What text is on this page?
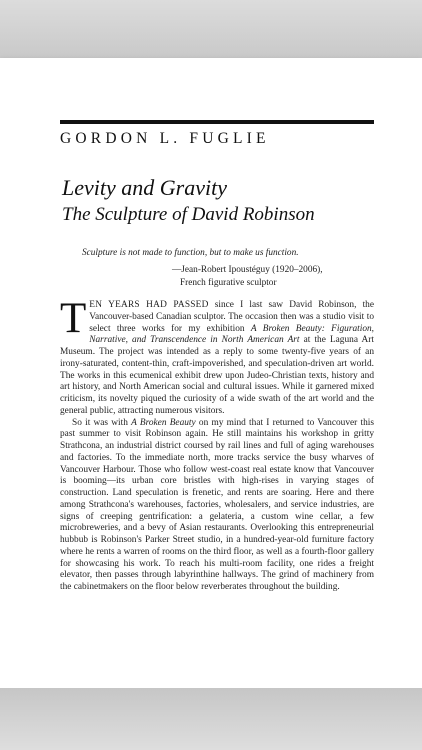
GORDON L. FUGLIE
Levity and Gravity
The Sculpture of David Robinson
Sculpture is not made to function, but to make us function.
—Jean-Robert Ipoustéguy (1920–2006),
French figurative sculptor

TEN YEARS HAD PASSED since I last saw David Robinson, the Vancouver-based Canadian sculptor. The occasion then was a studio visit to select three works for my exhibition A Broken Beauty: Figuration, Narrative, and Transcendence in North American Art at the Laguna Art Museum. The project was intended as a reply to some twenty-five years of an irony-saturated, content-thin, craft-impoverished, and speculation-driven art world. The works in this ecumenical exhibit drew upon Judeo-Christian texts, history and art history, and North American social and cultural issues. While it garnered mixed criticism, its novelty piqued the curiosity of a wide swath of the art world and the general public, attracting numerous visitors.

So it was with A Broken Beauty on my mind that I returned to Vancouver this past summer to visit Robinson again. He still maintains his workshop in gritty Strathcona, an industrial district coursed by rail lines and full of aging warehouses and factories. To the immediate north, more tracks service the busy wharves of Vancouver Harbour. Those who follow west-coast real estate know that Vancouver is booming—its urban core bristles with high-rises in varying stages of construction. Land speculation is frenetic, and rents are soaring. Here and there among Strathcona's warehouses, factories, wholesalers, and service industries, are signs of creeping gentrification: a gelateria, a custom wine cellar, a few microbreweries, and a bevy of Asian restaurants. Overlooking this entrepreneurial hubbub is Robinson's Parker Street studio, in a hundred-year-old furniture factory where he rents a warren of rooms on the third floor, as well as a fourth-floor gallery for showcasing his work. To reach his multi-room facility, one rides a freight elevator, then passes through labyrinthine hallways. The grind of machinery from the cabinetmakers on the floor below reverberates throughout the building.
